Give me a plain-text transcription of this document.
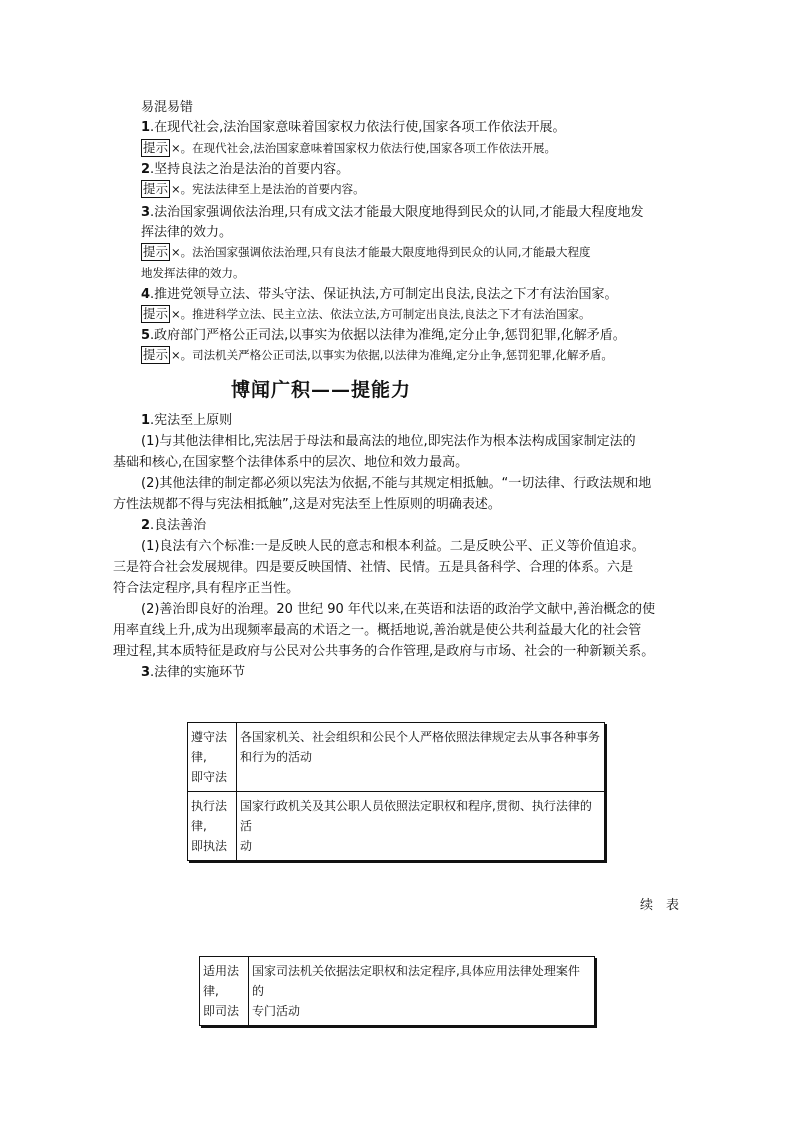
易混易错
1.在现代社会,法治国家意味着国家权力依法行使,国家各项工作依法开展。
提示 ×。在现代社会,法治国家意味着国家权力依法行使,国家各项工作依法开展。
2.坚持良法之治是法治的首要内容。
提示 ×。宪法法律至上是法治的首要内容。
3.法治国家强调依法治理,只有成文法才能最大限度地得到民众的认同,才能最大程度地发
挥法律的效力。
提示 ×。法治国家强调依法治理,只有良法才能最大限度地得到民众的认同,才能最大程度
地发挥法律的效力。
4.推进党领导立法、带头守法、保证执法,方可制定出良法,良法之下才有法治国家。
提示 ×。推进科学立法、民主立法、依法立法,方可制定出良法,良法之下才有法治国家。
5.政府部门严格公正司法,以事实为依据以法律为准绳,定分止争,惩罚犯罪,化解矛盾。
提示 ×。司法机关严格公正司法,以事实为依据,以法律为准绳,定分止争,惩罚犯罪,化解矛盾。
博闻广积——提能力
1.宪法至上原则
(1)与其他法律相比,宪法居于母法和最高法的地位,即宪法作为根本法构成国家制定法的
基础和核心,在国家整个法律体系中的层次、地位和效力最高。
(2)其他法律的制定都必须以宪法为依据,不能与其规定相抵触。“一切法律、行政法规和地
方性法规都不得与宪法相抵触”,这是对宪法至上性原则的明确表述。
2.良法善治
(1)良法有六个标准:一是反映人民的意志和根本利益。二是反映公平、正义等价值追求。
三是符合社会发展规律。四是要反映国情、社情、民情。五是具备科学、合理的体系。六是
符合法定程序,具有程序正当性。
(2)善治即良好的治理。20 世纪 90 年代以来,在英语和法语的政治学文献中,善治概念的使
用率直线上升,成为出现频率最高的术语之一。概括地说,善治就是使公共利益最大化的社会管
理过程,其本质特征是政府与公民对公共事务的合作管理,是政府与市场、社会的一种新颖关系。
3.法律的实施环节
遵守法
律,
即守法	各国家机关、社会组织和公民个人严格依照法律规定去从事各种事务
和行为的活动
执行法
律,
即执法	国家行政机关及其公职人员依照法定职权和程序,贯彻、执行法律的活
动
续　表
适用法
律,
即司法	国家司法机关依据法定职权和法定程序,具体应用法律处理案件的
专门活动
